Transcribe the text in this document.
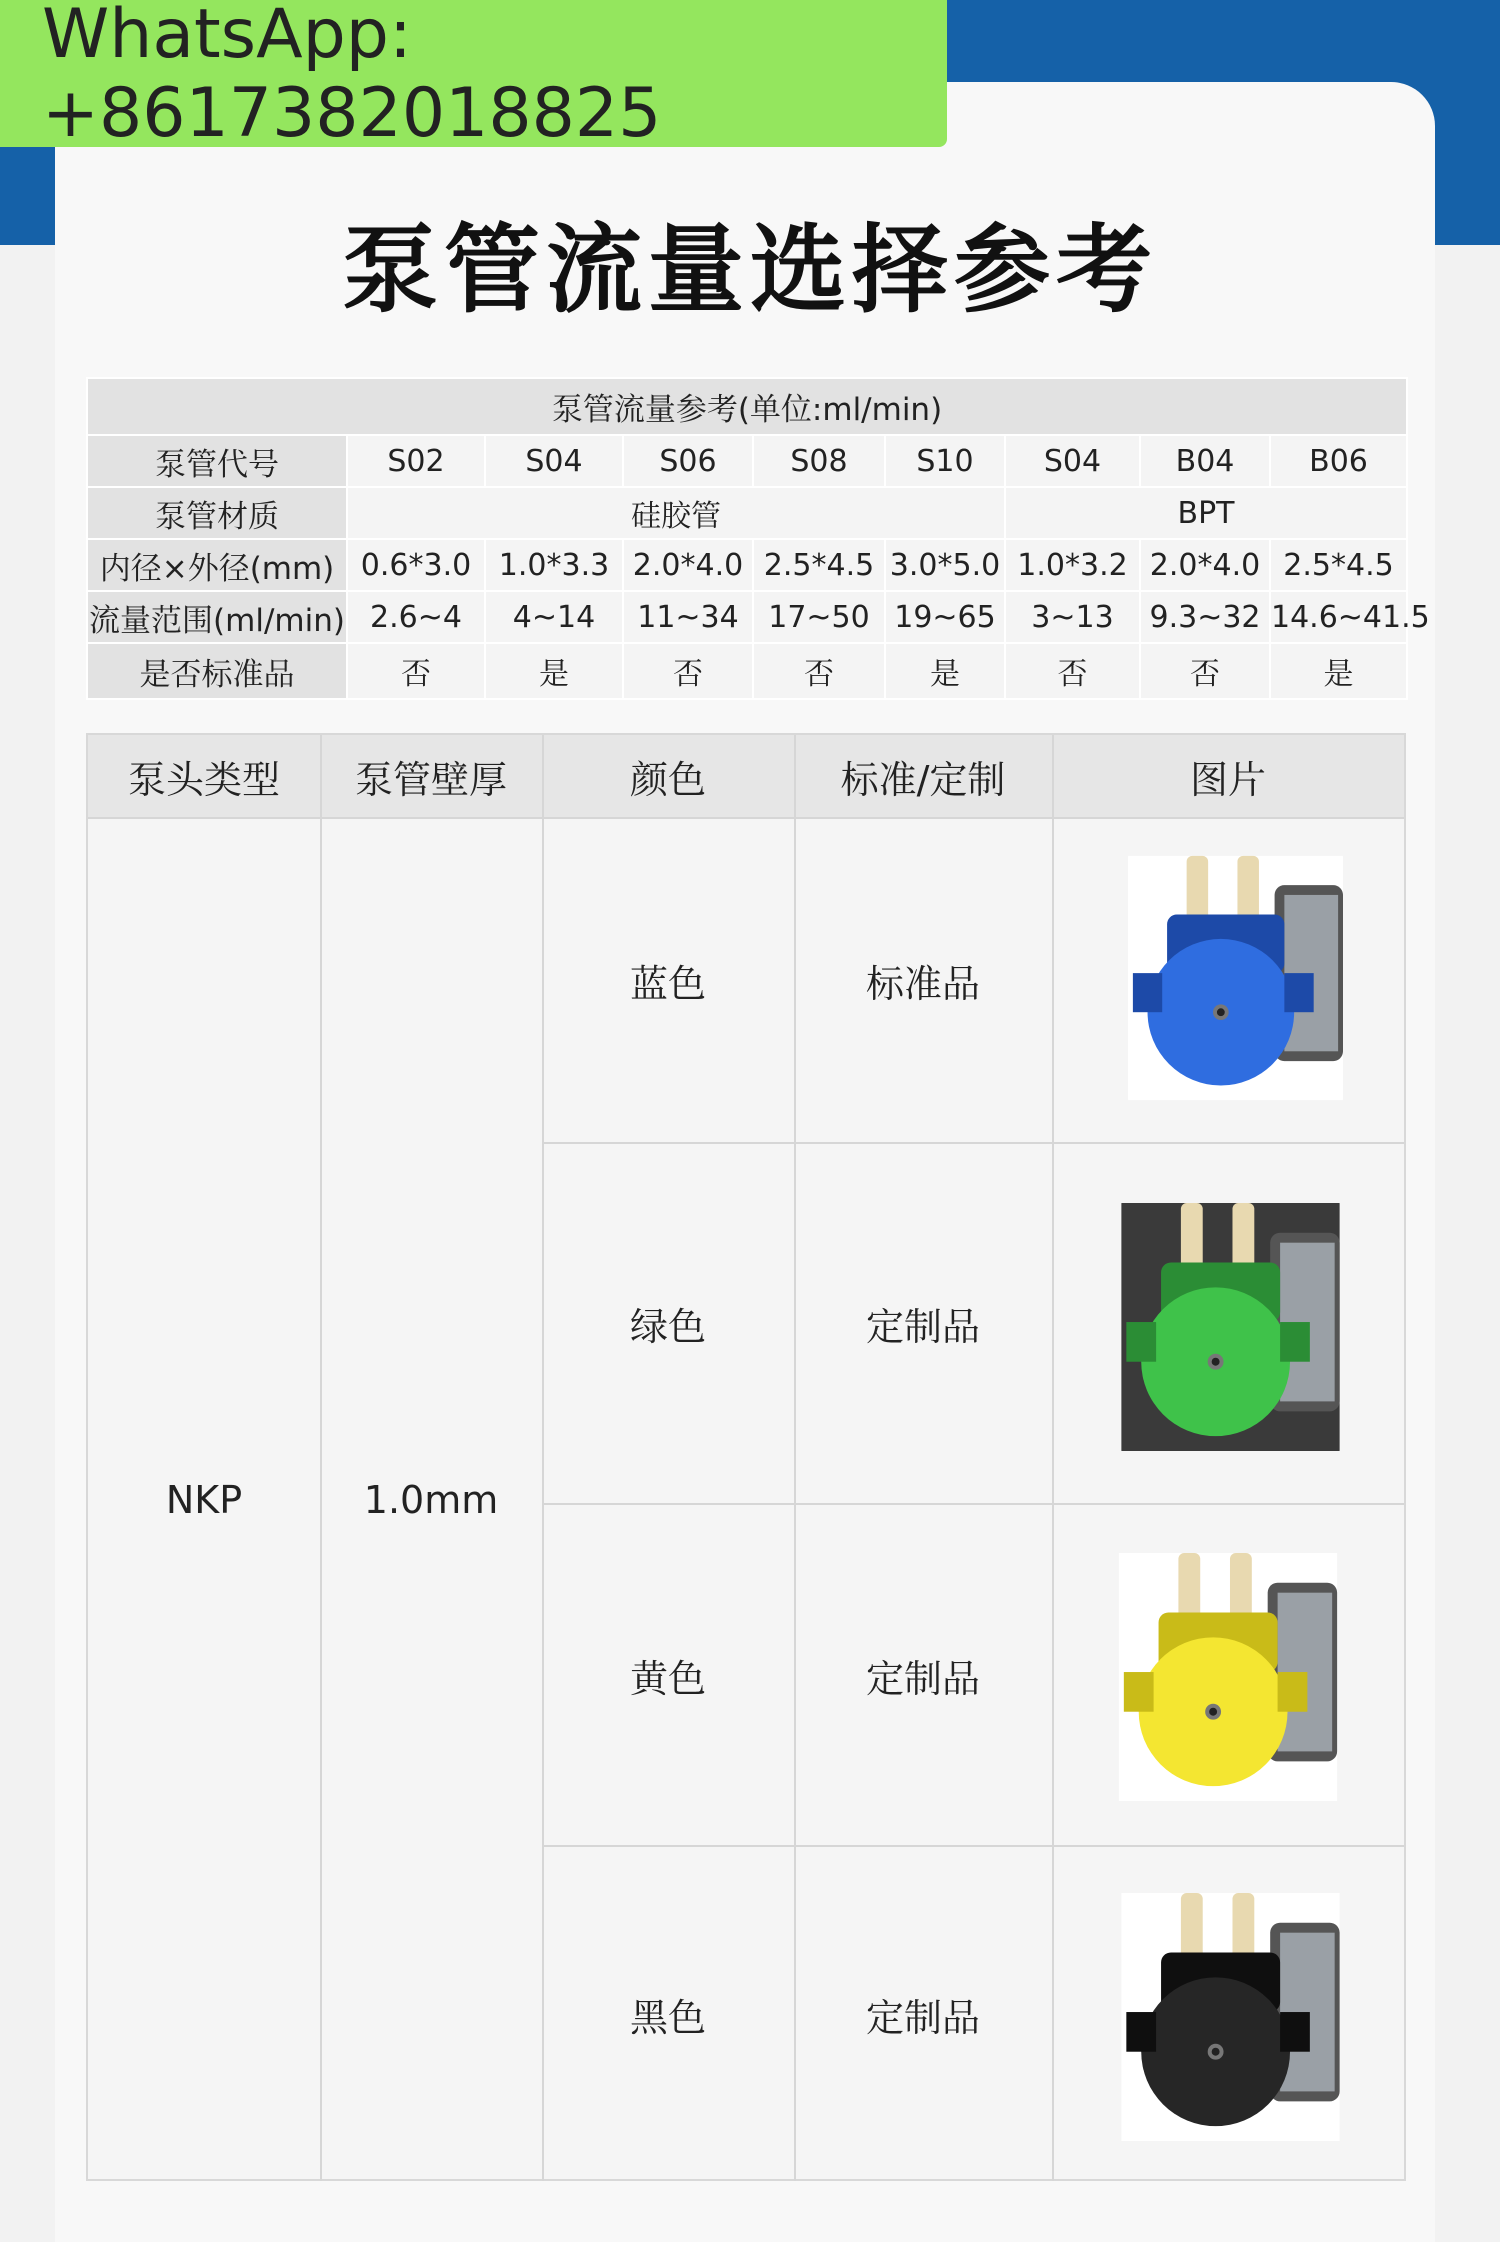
WhatsApp: +8617382018825
泵管流量选择参考
泵管流量参考(单位:ml/min)								
泵管代号	S02	S04	S06	S08	S10	S04	B04	B06
泵管材质	硅胶管					BPT		
内径×外径(mm)	0.6*3.0	1.0*3.3	2.0*4.0	2.5*4.5	3.0*5.0	1.0*3.2	2.0*4.0	2.5*4.5
流量范围(ml/min)	2.6~4	4~14	11~34	17~50	19~65	3~13	9.3~32	14.6~41.5
是否标准品	否	是	否	否	是	否	否	是
泵头类型	泵管壁厚	颜色	标准/定制	图片
NKP	1.0mm
蓝色	标准品
绿色	定制品
黄色	定制品
黑色	定制品
